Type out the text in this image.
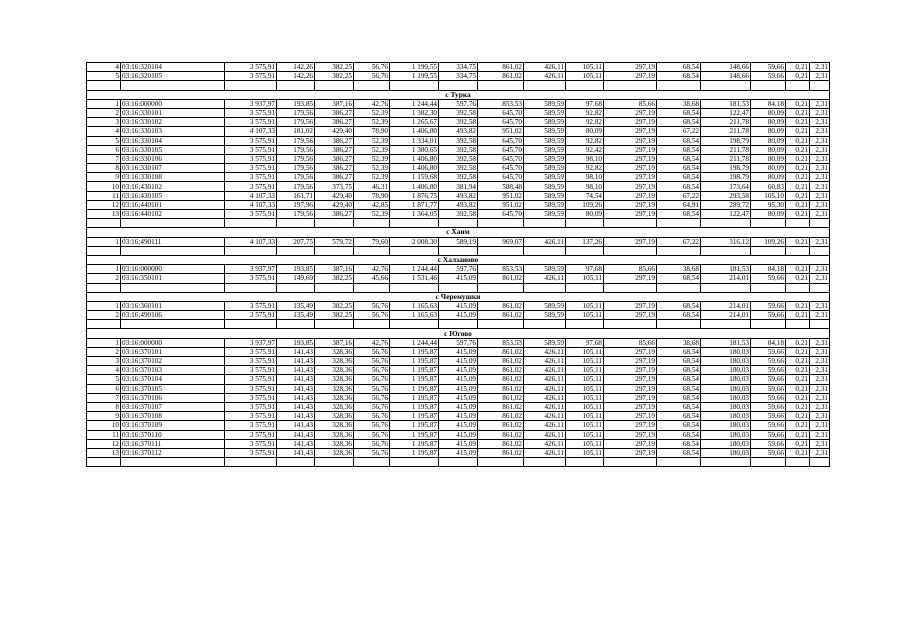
4	03:16:320104	3 575,91	142,26	382,25	56,76	1 199,55	334,75	861,02	426,11	105,11	297,19	68,54	148,66	59,66	0,21	2,31
5	03:16:320105	3 575,91	142,26	382,25	56,76	1 199,55	334,75	861,02	426,11	105,11	297,19	68,54	148,66	59,66	0,21	2,31

с Турка																
1	03:16:000000	3 937,97	193,85	387,16	42,76	1 244,44	597,76	853,53	589,59	97,68	85,66	38,68	181,53	84,18	0,21	2,31
2	03:16:330101	3 575,91	179,56	386,27	52,39	1 382,30	392,58	645,70	589,59	92,82	297,19	68,54	122,47	80,09	0,21	2,31
3	03:16:330102	3 575,91	179,56	386,27	52,39	1 265,67	392,58	645,70	589,59	92,82	297,19	68,54	211,78	80,09	0,21	2,31
4	03:16:330103	4 107,33	181,02	429,40	78,90	1 406,80	493,82	951,02	589,59	80,09	297,19	67,22	211,78	80,09	0,21	2,31
5	03:16:330104	3 575,91	179,56	386,27	52,39	1 334,01	392,58	645,70	589,59	92,82	297,19	68,54	198,79	80,09	0,21	2,31
6	03:16:330105	3 575,91	179,56	386,27	52,39	1 380,65	392,58	645,70	589,59	92,42	297,19	68,54	211,78	80,09	0,21	2,31
7	03:16:330106	3 575,91	179,56	386,27	52,39	1 406,80	392,58	645,70	589,59	98,10	297,19	68,54	211,78	80,09	0,21	2,31
8	03:16:330107	3 575,91	179,56	386,27	52,39	1 406,80	392,58	645,70	589,59	92,82	297,19	68,54	198,79	80,09	0,21	2,31
9	03:16:330108	3 575,91	179,56	386,27	52,39	1 159,68	392,58	645,70	589,59	98,10	297,19	68,54	198,79	80,09	0,21	2,31
10	03:16:430102	3 575,91	179,56	373,75	46,31	1 406,80	381,94	588,48	589,59	98,10	297,19	68,54	173,64	60,83	0,21	2,31
11	03:16:430105	4 107,33	161,71	429,40	78,90	1 876,75	493,82	951,02	589,59	74,54	297,19	67,22	293,58	105,10	0,21	2,31
12	03:16:440101	4 107,33	197,96	429,40	42,85	1 871,77	493,82	951,02	589,59	109,26	297,19	64,91	289,72	95,30	0,21	2,31
13	03:16:440102	3 575,91	179,56	386,27	52,39	1 364,05	392,58	645,70	589,59	80,09	297,19	68,54	122,47	80,09	0,21	2,31

с Хаим																
1	03:16:490111	4 107,33	207,75	579,72	79,60	2 008,30	589,19	969,07	426,11	137,26	297,19	67,22	316,12	109,26	0,21	2,31

с Халзаново																
1	03:16:000000	3 937,97	193,85	387,16	42,76	1 244,44	597,76	853,53	589,59	97,68	85,66	38,68	181,53	84,18	0,21	2,31
2	03:16:350101	3 575,91	149,69	382,25	45,66	1 531,46	415,09	861,02	426,11	105,11	297,19	68,54	214,01	59,66	0,21	2,31

с Черемушки																
1	03:16:360101	3 575,91	135,49	382,25	56,76	1 165,63	415,09	861,02	589,59	105,11	297,19	68,54	214,01	59,66	0,21	2,31
2	03:16:490106	3 575,91	135,49	382,25	56,76	1 165,63	415,09	861,02	589,59	105,11	297,19	68,54	214,01	59,66	0,21	2,31

с Югово																
1	03:16:000000	3 937,97	193,85	387,16	42,76	1 244,44	597,76	853,53	589,59	97,68	85,66	38,68	181,53	84,18	0,21	2,31
2	03:16:370101	3 575,91	141,43	328,36	56,76	1 195,87	415,09	861,02	426,11	105,11	297,19	68,54	180,03	59,66	0,21	2,31
3	03:16:370102	3 575,91	141,43	328,36	56,76	1 195,87	415,09	861,02	426,11	105,11	297,19	68,54	180,03	59,66	0,21	2,31
4	03:16:370103	3 575,91	141,43	328,36	56,76	1 195,87	415,09	861,02	426,11	105,11	297,19	68,54	180,03	59,66	0,21	2,31
5	03:16:370104	3 575,91	141,43	328,36	56,76	1 195,87	415,09	861,02	426,11	105,11	297,19	68,54	180,03	59,66	0,21	2,31
6	03:16:370105	3 575,91	141,43	328,36	56,76	1 195,87	415,09	861,02	426,11	105,11	297,19	68,54	180,03	59,66	0,21	2,31
7	03:16:370106	3 575,91	141,43	328,36	56,76	1 195,87	415,09	861,02	426,11	105,11	297,19	68,54	180,03	59,66	0,21	2,31
8	03:16:370107	3 575,91	141,43	328,36	56,76	1 195,87	415,09	861,02	426,11	105,11	297,19	68,54	180,03	59,66	0,21	2,31
9	03:16:370108	3 575,91	141,43	328,36	56,76	1 195,87	415,09	861,02	426,11	105,11	297,19	68,54	180,03	59,66	0,21	2,31
10	03:16:370109	3 575,91	141,43	328,36	56,76	1 195,87	415,09	861,02	426,11	105,11	297,19	68,54	180,03	59,66	0,21	2,31
11	03:16:370110	3 575,91	141,43	328,36	56,76	1 195,87	415,09	861,02	426,11	105,11	297,19	68,54	180,03	59,66	0,21	2,31
12	03:16:370111	3 575,91	141,43	328,36	56,76	1 195,87	415,09	861,02	426,11	105,11	297,19	68,54	180,03	59,66	0,21	2,31
13	03:16:370112	3 575,91	141,43	328,36	56,76	1 195,87	415,09	861,02	426,11	105,11	297,19	68,54	180,03	59,66	0,21	2,31
